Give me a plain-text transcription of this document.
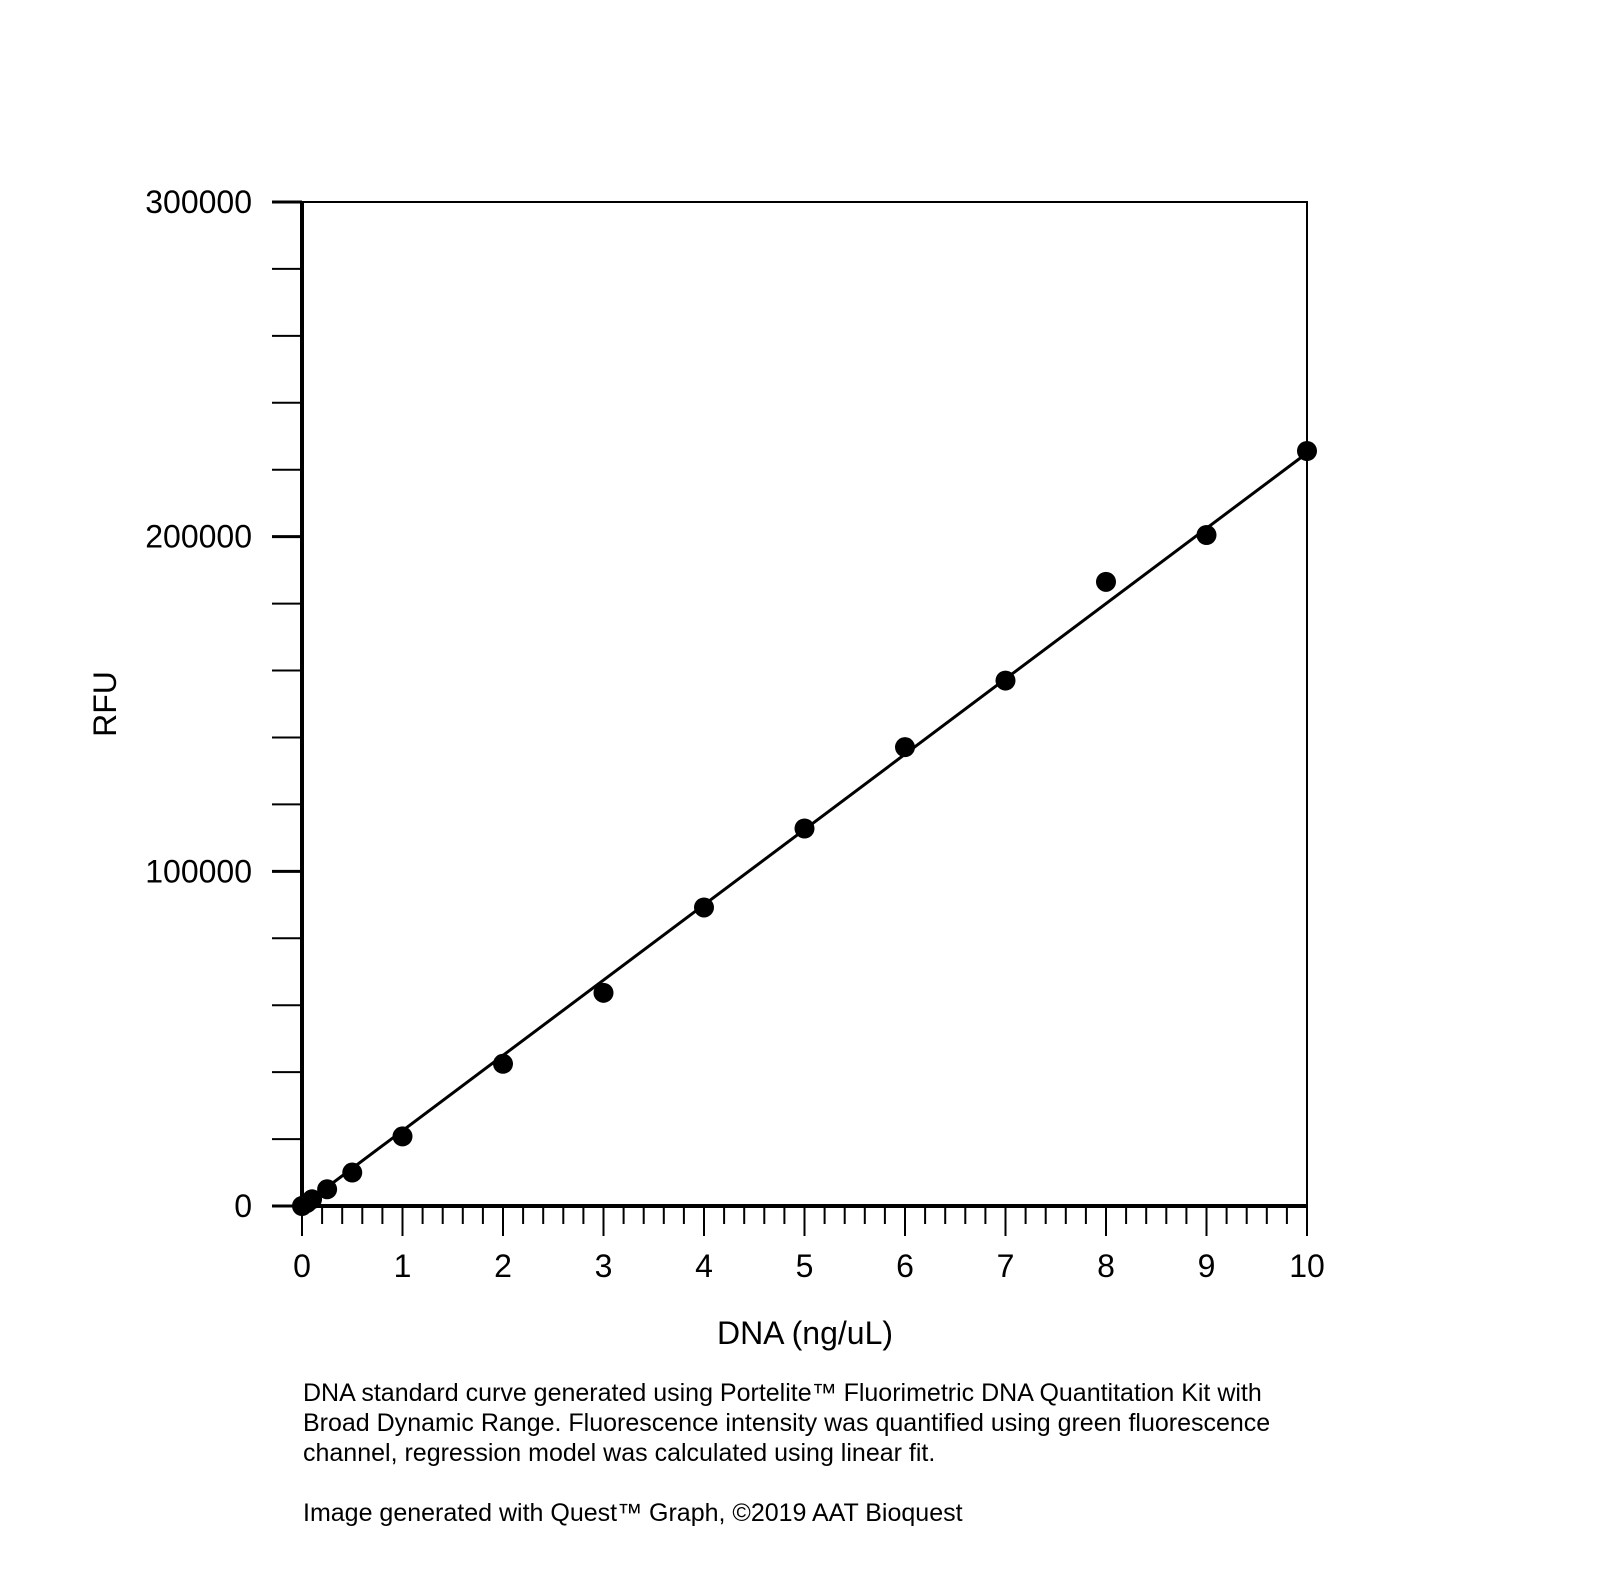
0
100000
200000
300000
0	1	2	3	4	5	6	7	8	9 10
DNA (ng/uL)
RFU

DNA standard curve generated using Portelite™ Fluorimetric DNA Quantitation Kit with Broad Dynamic Range. Fluorescence intensity was quantified using green fluorescence channel, regression model was calculated using linear fit.

Image generated with Quest™ Graph, ©2019 AAT Bioquest
